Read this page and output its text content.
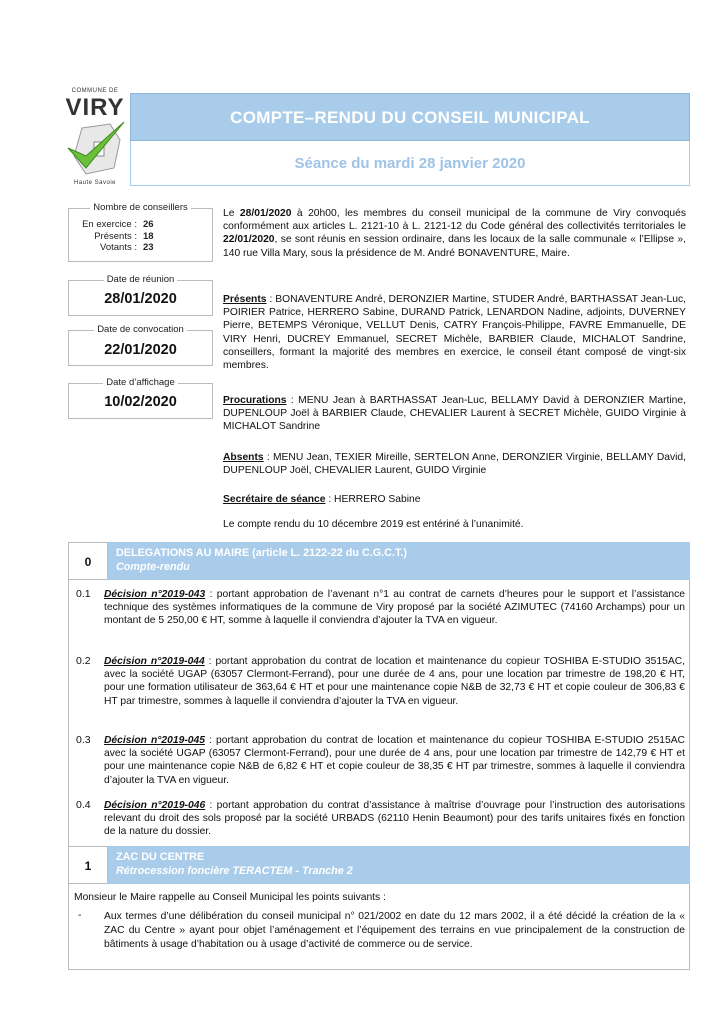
COMMUNE DE
VIRY
Haute Savoie
COMPTE–RENDU DU CONSEIL MUNICIPAL
Séance du mardi 28 janvier 2020
Nombre de conseillers
En exercice : 26
Présents : 18
Votants : 23
Date de réunion
28/01/2020
Date de convocation
22/01/2020
Date d’affichage
10/02/2020

Le 28/01/2020 à 20h00, les membres du conseil municipal de la commune de Viry convoqués conformément aux articles L. 2121-10 à L. 2121-12 du Code général des collectivités territoriales le 22/01/2020, se sont réunis en session ordinaire, dans les locaux de la salle communale « l’Ellipse », 140 rue Villa Mary, sous la présidence de M. André BONAVENTURE, Maire.

Présents : BONAVENTURE André, DERONZIER Martine, STUDER André, BARTHASSAT Jean-Luc, POIRIER Patrice, HERRERO Sabine, DURAND Patrick, LENARDON Nadine, adjoints, DUVERNEY Pierre, BETEMPS Véronique, VELLUT Denis, CATRY François-Philippe, FAVRE Emmanuelle, DE VIRY Henri, DUCREY Emmanuel, SECRET Michèle, BARBIER Claude, MICHALOT Sandrine, conseillers, formant la majorité des membres en exercice, le conseil étant composé de vingt-six membres.

Procurations : MENU Jean à BARTHASSAT Jean-Luc, BELLAMY David à DERONZIER Martine, DUPENLOUP Joël à BARBIER Claude, CHEVALIER Laurent à SECRET Michèle, GUIDO Virginie à MICHALOT Sandrine

Absents : MENU Jean, TEXIER Mireille, SERTELON Anne, DERONZIER Virginie, BELLAMY David, DUPENLOUP Joël, CHEVALIER Laurent, GUIDO Virginie

Secrétaire de séance : HERRERO Sabine

Le compte rendu du 10 décembre 2019 est entériné à l’unanimité.

0
DELEGATIONS AU MAIRE (article L. 2122-22 du C.G.C.T.)
Compte-rendu
0.1 Décision n°2019-043 : portant approbation de l’avenant n°1 au contrat de carnets d’heures pour le support et l’assistance technique des systèmes informatiques de la commune de Viry proposé par la société AZIMUTEC (74160 Archamps) pour un montant de 5 250,00 € HT, somme à laquelle il conviendra d’ajouter la TVA en vigueur.

0.2 Décision n°2019-044 : portant approbation du contrat de location et maintenance du copieur TOSHIBA E-STUDIO 3515AC, avec la société UGAP (63057 Clermont-Ferrand), pour une durée de 4 ans, pour une location par trimestre de 198,20 € HT, pour une formation utilisateur de 363,64 € HT et pour une maintenance copie N&B de 32,73 € HT et copie couleur de 306,83 € HT par trimestre, sommes à laquelle il conviendra d’ajouter la TVA en vigueur.

0.3 Décision n°2019-045 : portant approbation du contrat de location et maintenance du copieur TOSHIBA E-STUDIO 2515AC avec la société UGAP (63057 Clermont-Ferrand), pour une durée de 4 ans, pour une location par trimestre de 142,79 € HT et pour une maintenance copie N&B de 6,82 € HT et copie couleur de 38,35 € HT par trimestre, sommes à laquelle il conviendra d’ajouter la TVA en vigueur.

0.4 Décision n°2019-046 : portant approbation du contrat d’assistance à maîtrise d’ouvrage pour l’instruction des autorisations relevant du droit des sols proposé par la société URBADS (62110 Henin Beaumont) pour des tarifs unitaires fixés en fonction de la nature du dossier.

1
ZAC DU CENTRE
Rétrocession foncière TERACTEM - Tranche 2

Monsieur le Maire rappelle au Conseil Municipal les points suivants :

- Aux termes d’une délibération du conseil municipal n° 021/2002 en date du 12 mars 2002, il a été décidé la création de la « ZAC du Centre » ayant pour objet l’aménagement et l’équipement des terrains en vue principalement de la construction de bâtiments à usage d’habitation ou à usage d’activité de commerce ou de service.
